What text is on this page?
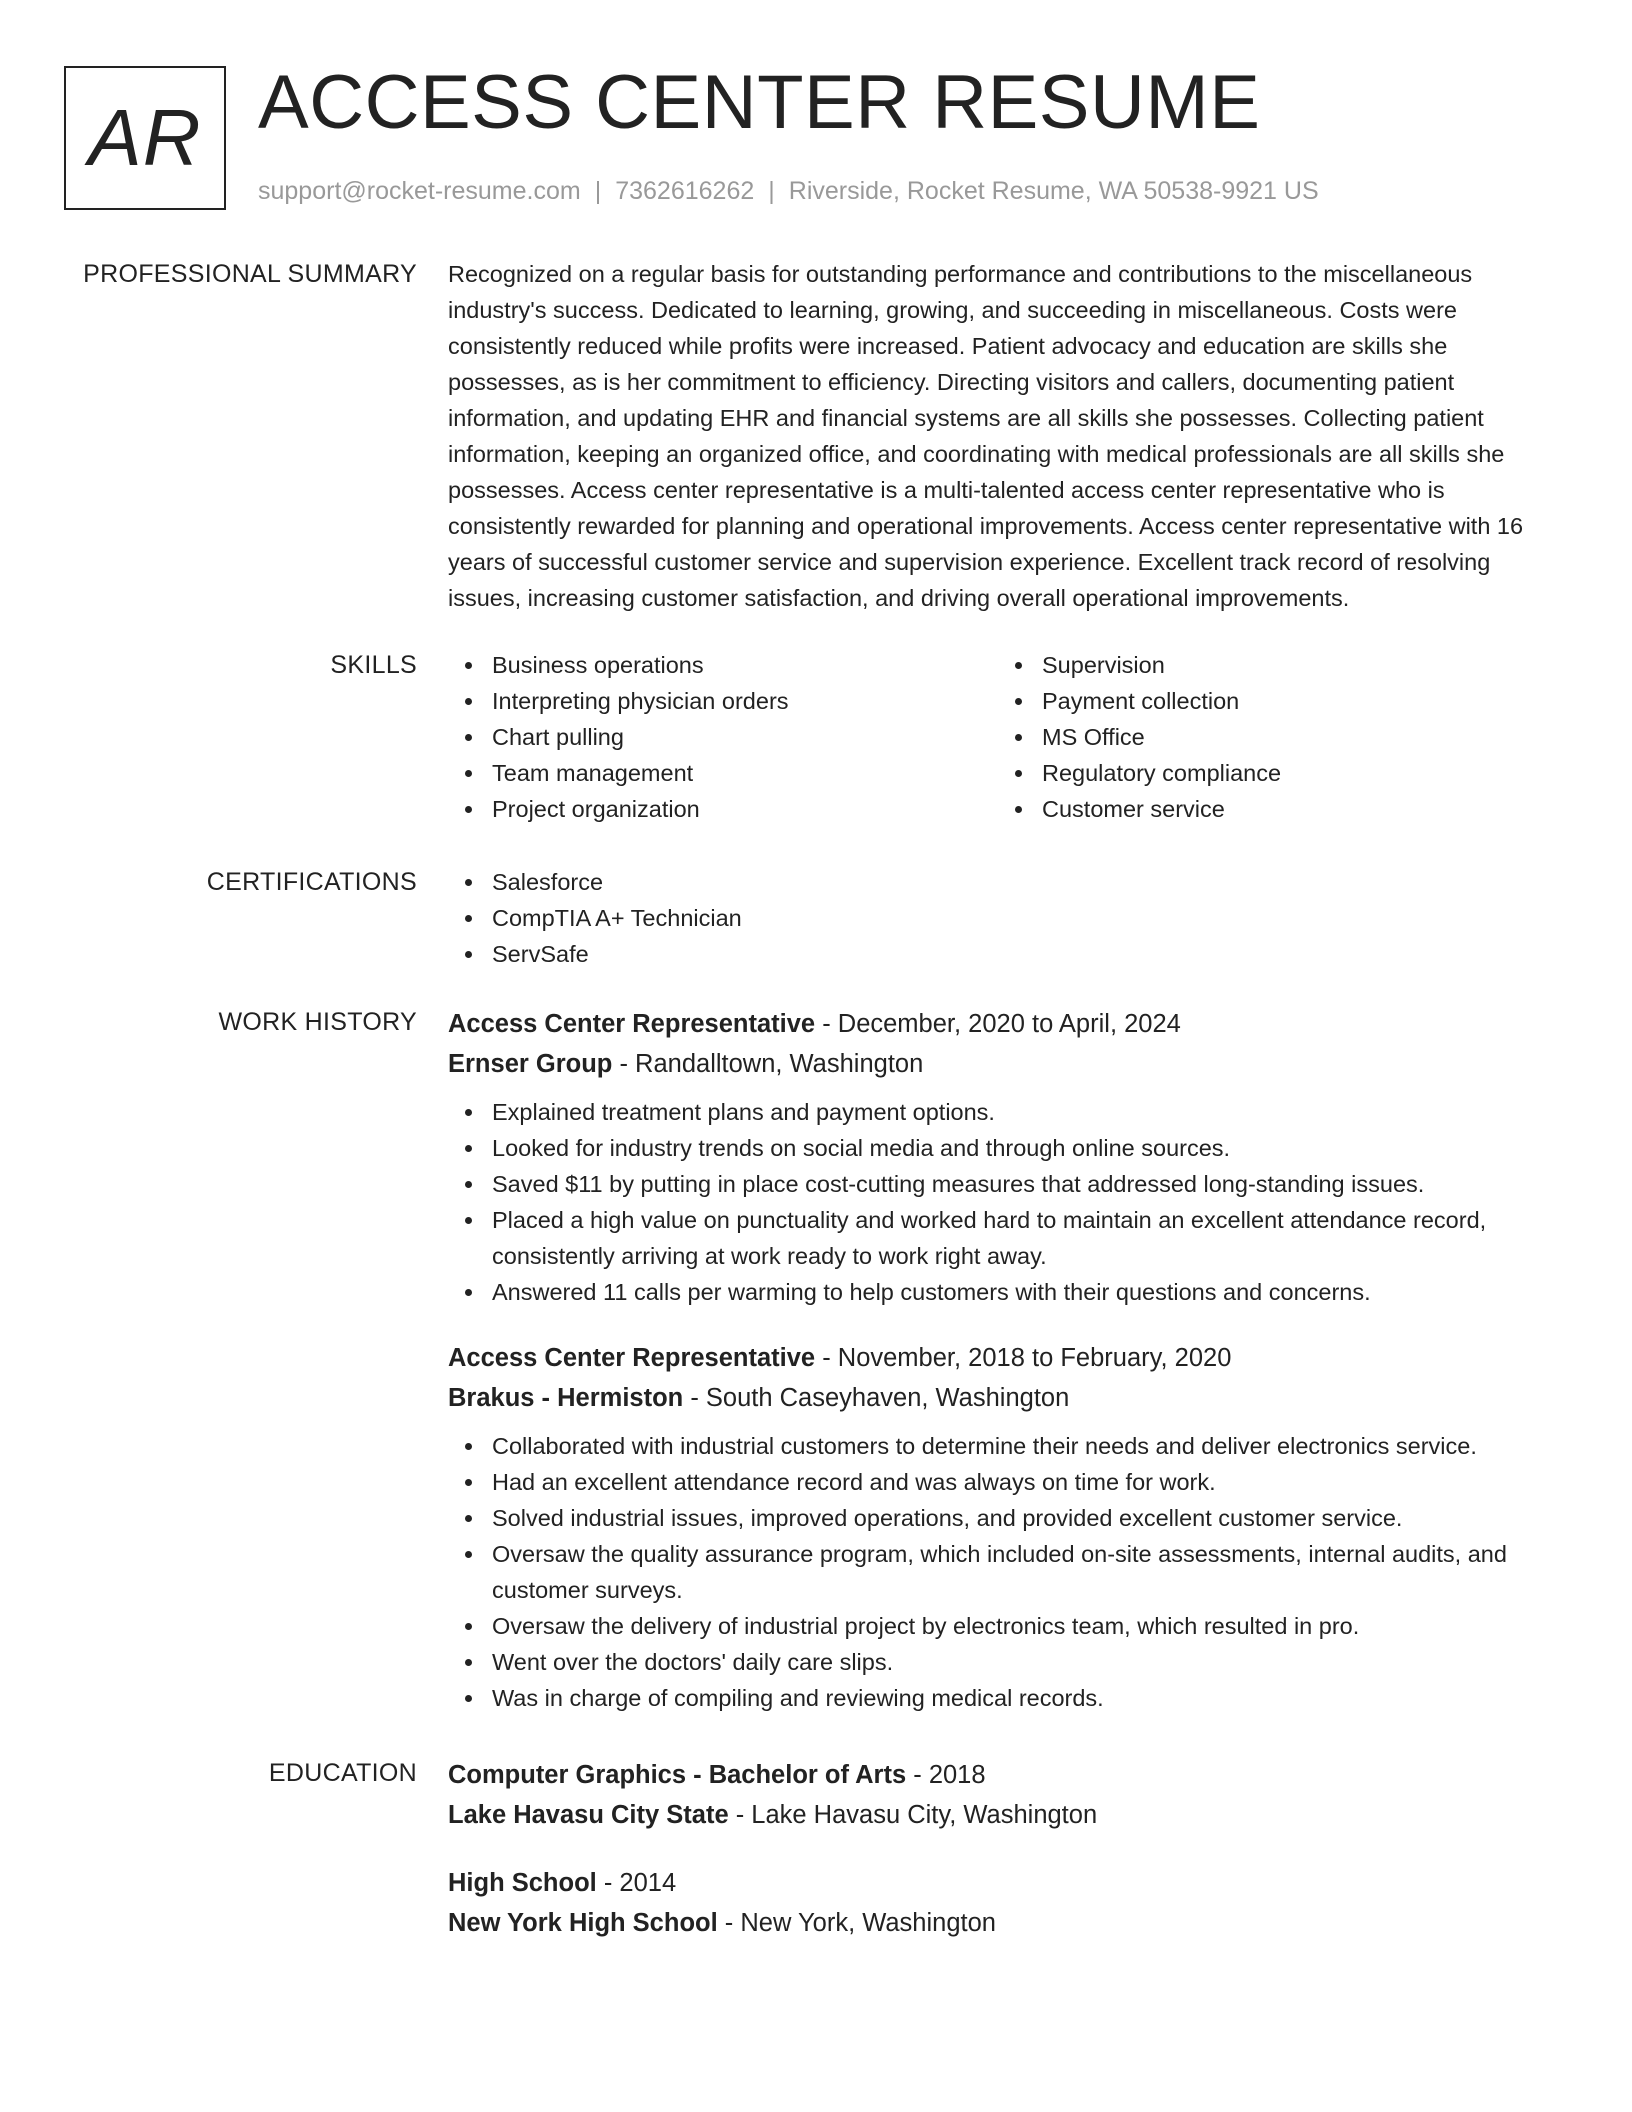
AR ACCESS CENTER RESUME
support@rocket-resume.com | 7362616262 | Riverside, Rocket Resume, WA 50538-9921 US
PROFESSIONAL SUMMARY Recognized on a regular basis for outstanding performance and contributions to the miscellaneous industry's success. Dedicated to learning, growing, and succeeding in miscellaneous. Costs were consistently reduced while profits were increased. Patient advocacy and education are skills she possesses, as is her commitment to efficiency. Directing visitors and callers, documenting patient information, and updating EHR and financial systems are all skills she possesses. Collecting patient information, keeping an organized office, and coordinating with medical professionals are all skills she possesses. Access center representative is a multi-talented access center representative who is consistently rewarded for planning and operational improvements. Access center representative with 16 years of successful customer service and supervision experience. Excellent track record of resolving issues, increasing customer satisfaction, and driving overall operational improvements.
SKILLS	Business operations
Interpreting physician orders
Chart pulling
Team management
Project organization
Supervision
Payment collection
MS Office
Regulatory compliance
Customer service
CERTIFICATIONS	Salesforce
CompTIA A+ Technician
ServSafe
WORK HISTORY Access Center Representative - December, 2020 to April, 2024
Ernser Group - Randalltown, Washington
Explained treatment plans and payment options.
Looked for industry trends on social media and through online sources.
Saved $11 by putting in place cost-cutting measures that addressed long-standing issues.
Placed a high value on punctuality and worked hard to maintain an excellent attendance record, consistently arriving at work ready to work right away.
Answered 11 calls per warming to help customers with their questions and concerns.
Access Center Representative - November, 2018 to February, 2020
Brakus - Hermiston - South Caseyhaven, Washington
Collaborated with industrial customers to determine their needs and deliver electronics service.
Had an excellent attendance record and was always on time for work.
Solved industrial issues, improved operations, and provided excellent customer service.
Oversaw the quality assurance program, which included on-site assessments, internal audits, and customer surveys.
Oversaw the delivery of industrial project by electronics team, which resulted in pro.
Went over the doctors' daily care slips.
Was in charge of compiling and reviewing medical records.
EDUCATION Computer Graphics - Bachelor of Arts - 2018
Lake Havasu City State - Lake Havasu City, Washington
High School - 2014
New York High School - New York, Washington
